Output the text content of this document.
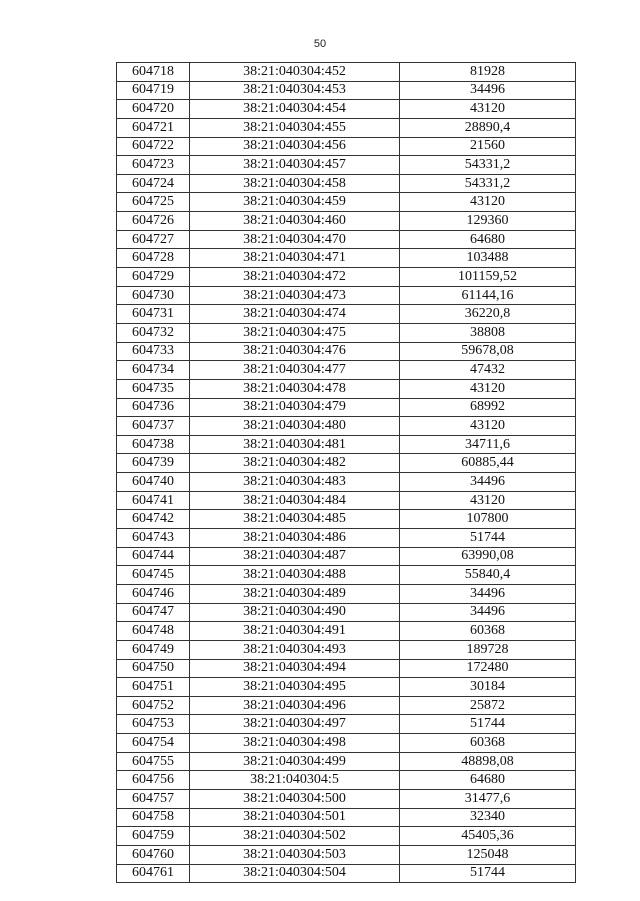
50
604718	38:21:040304:452	81928
604719	38:21:040304:453	34496
604720	38:21:040304:454	43120
604721	38:21:040304:455	28890,4
604722	38:21:040304:456	21560
604723	38:21:040304:457	54331,2
604724	38:21:040304:458	54331,2
604725	38:21:040304:459	43120
604726	38:21:040304:460	129360
604727	38:21:040304:470	64680
604728	38:21:040304:471	103488
604729	38:21:040304:472	101159,52
604730	38:21:040304:473	61144,16
604731	38:21:040304:474	36220,8
604732	38:21:040304:475	38808
604733	38:21:040304:476	59678,08
604734	38:21:040304:477	47432
604735	38:21:040304:478	43120
604736	38:21:040304:479	68992
604737	38:21:040304:480	43120
604738	38:21:040304:481	34711,6
604739	38:21:040304:482	60885,44
604740	38:21:040304:483	34496
604741	38:21:040304:484	43120
604742	38:21:040304:485	107800
604743	38:21:040304:486	51744
604744	38:21:040304:487	63990,08
604745	38:21:040304:488	55840,4
604746	38:21:040304:489	34496
604747	38:21:040304:490	34496
604748	38:21:040304:491	60368
604749	38:21:040304:493	189728
604750	38:21:040304:494	172480
604751	38:21:040304:495	30184
604752	38:21:040304:496	25872
604753	38:21:040304:497	51744
604754	38:21:040304:498	60368
604755	38:21:040304:499	48898,08
604756	38:21:040304:5	64680
604757	38:21:040304:500	31477,6
604758	38:21:040304:501	32340
604759	38:21:040304:502	45405,36
604760	38:21:040304:503	125048
604761	38:21:040304:504	51744
